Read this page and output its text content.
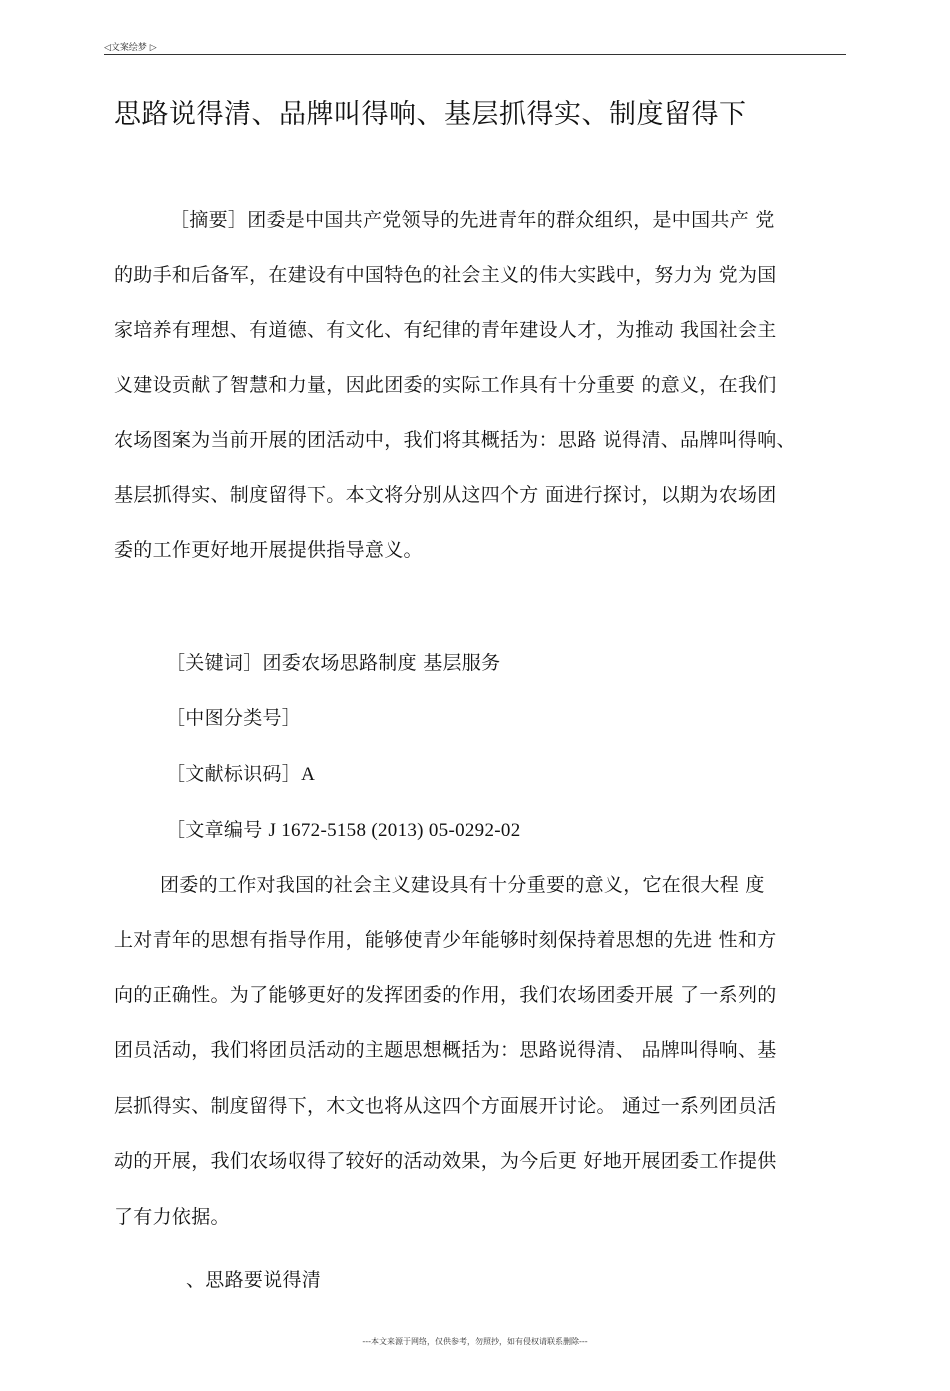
◁文案绘梦 ▷
思路说得清、品牌叫得响、基层抓得实、制度留得下
［摘要］团委是中国共产党领导的先进青年的群众组织，是中国共产 党
的助手和后备军，在建设有中国特色的社会主义的伟大实践中，努力为 党为国
家培养有理想、有道德、有文化、有纪律的青年建设人才，为推动 我国社会主
义建设贡献了智慧和力量，因此团委的实际工作具有十分重要 的意义，在我们
农场图案为当前开展的团活动中，我们将其概括为：思路 说得清、品牌叫得响、
基层抓得实、制度留得下。本文将分别从这四个方 面进行探讨，以期为农场团
委的工作更好地开展提供指导意义。
［关键词］团委农场思路制度 基层服务
［中图分类号］
［文献标识码］A
［文章编号 J 1672-5158 (2013) 05-0292-02
团委的工作对我国的社会主义建设具有十分重要的意义，它在很大程 度
上对青年的思想有指导作用，能够使青少年能够时刻保持着思想的先进 性和方
向的正确性。为了能够更好的发挥团委的作用，我们农场团委开展 了一系列的
团员活动，我们将团员活动的主题思想概括为：思路说得清、 品牌叫得响、基
层抓得实、制度留得下，木文也将从这四个方面展开讨论。 通过一系列团员活
动的开展，我们农场収得了较好的活动效果，为今后更 好地开展团委工作提供
了有力依据。
、思路要说得清
---本文来源于网络，仅供参考，勿照抄，如有侵权请联系删除---
